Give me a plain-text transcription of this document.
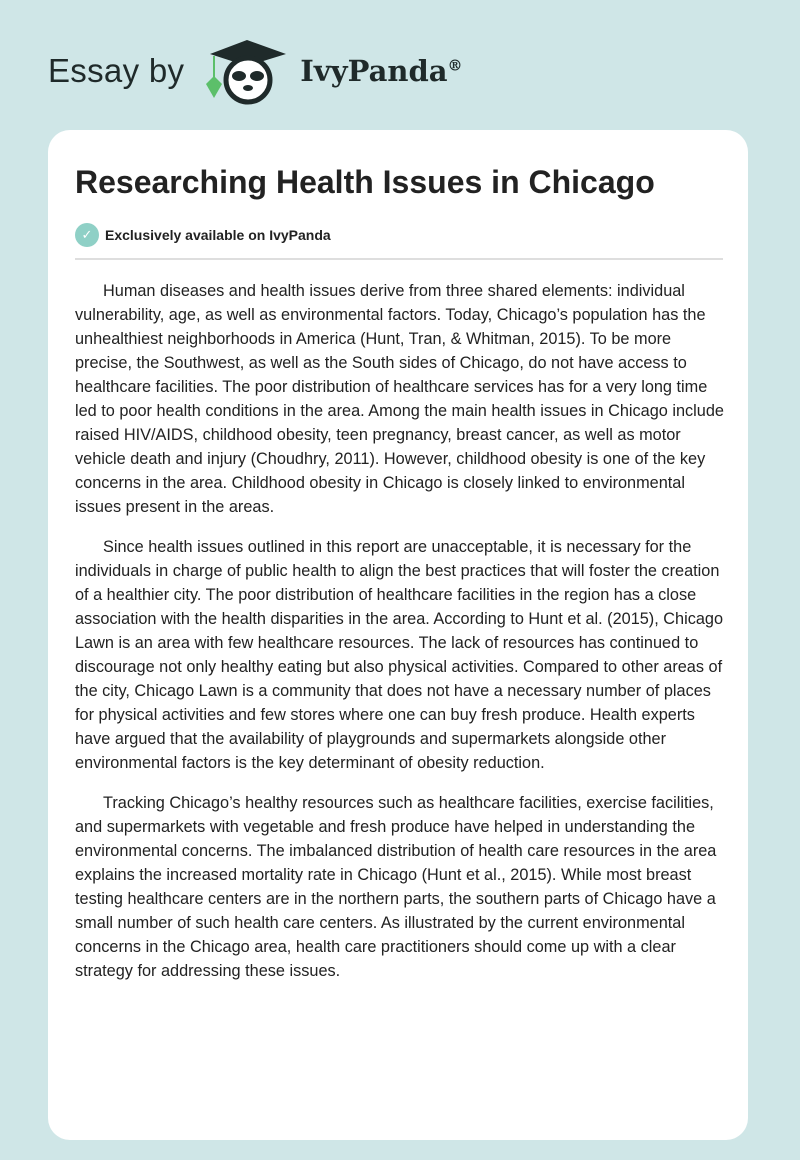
Essay by	IvyPanda®
Researching Health Issues in Chicago
✓ Exclusively available on IvyPanda

Human diseases and health issues derive from three shared elements: individual vulnerability, age, as well as environmental factors. Today, Chicago’s population has the unhealthiest neighborhoods in America (Hunt, Tran, & Whitman, 2015). To be more precise, the Southwest, as well as the South sides of Chicago, do not have access to healthcare facilities. The poor distribution of healthcare services has for a very long time led to poor health conditions in the area. Among the main health issues in Chicago include raised HIV/AIDS, childhood obesity, teen pregnancy, breast cancer, as well as motor vehicle death and injury (Choudhry, 2011). However, childhood obesity is one of the key concerns in the area. Childhood obesity in Chicago is closely linked to environmental issues present in the areas.

Since health issues outlined in this report are unacceptable, it is necessary for the individuals in charge of public health to align the best practices that will foster the creation of a healthier city. The poor distribution of healthcare facilities in the region has a close association with the health disparities in the area. According to Hunt et al. (2015), Chicago Lawn is an area with few healthcare resources. The lack of resources has continued to discourage not only healthy eating but also physical activities. Compared to other areas of the city, Chicago Lawn is a community that does not have a necessary number of places for physical activities and few stores where one can buy fresh produce. Health experts have argued that the availability of playgrounds and supermarkets alongside other environmental factors is the key determinant of obesity reduction.

Tracking Chicago’s healthy resources such as healthcare facilities, exercise facilities, and supermarkets with vegetable and fresh produce have helped in understanding the environmental concerns. The imbalanced distribution of health care resources in the area explains the increased mortality rate in Chicago (Hunt et al., 2015). While most breast testing healthcare centers are in the northern parts, the southern parts of Chicago have a small number of such health care centers. As illustrated by the current environmental concerns in the Chicago area, health care practitioners should come up with a clear strategy for addressing these issues.
